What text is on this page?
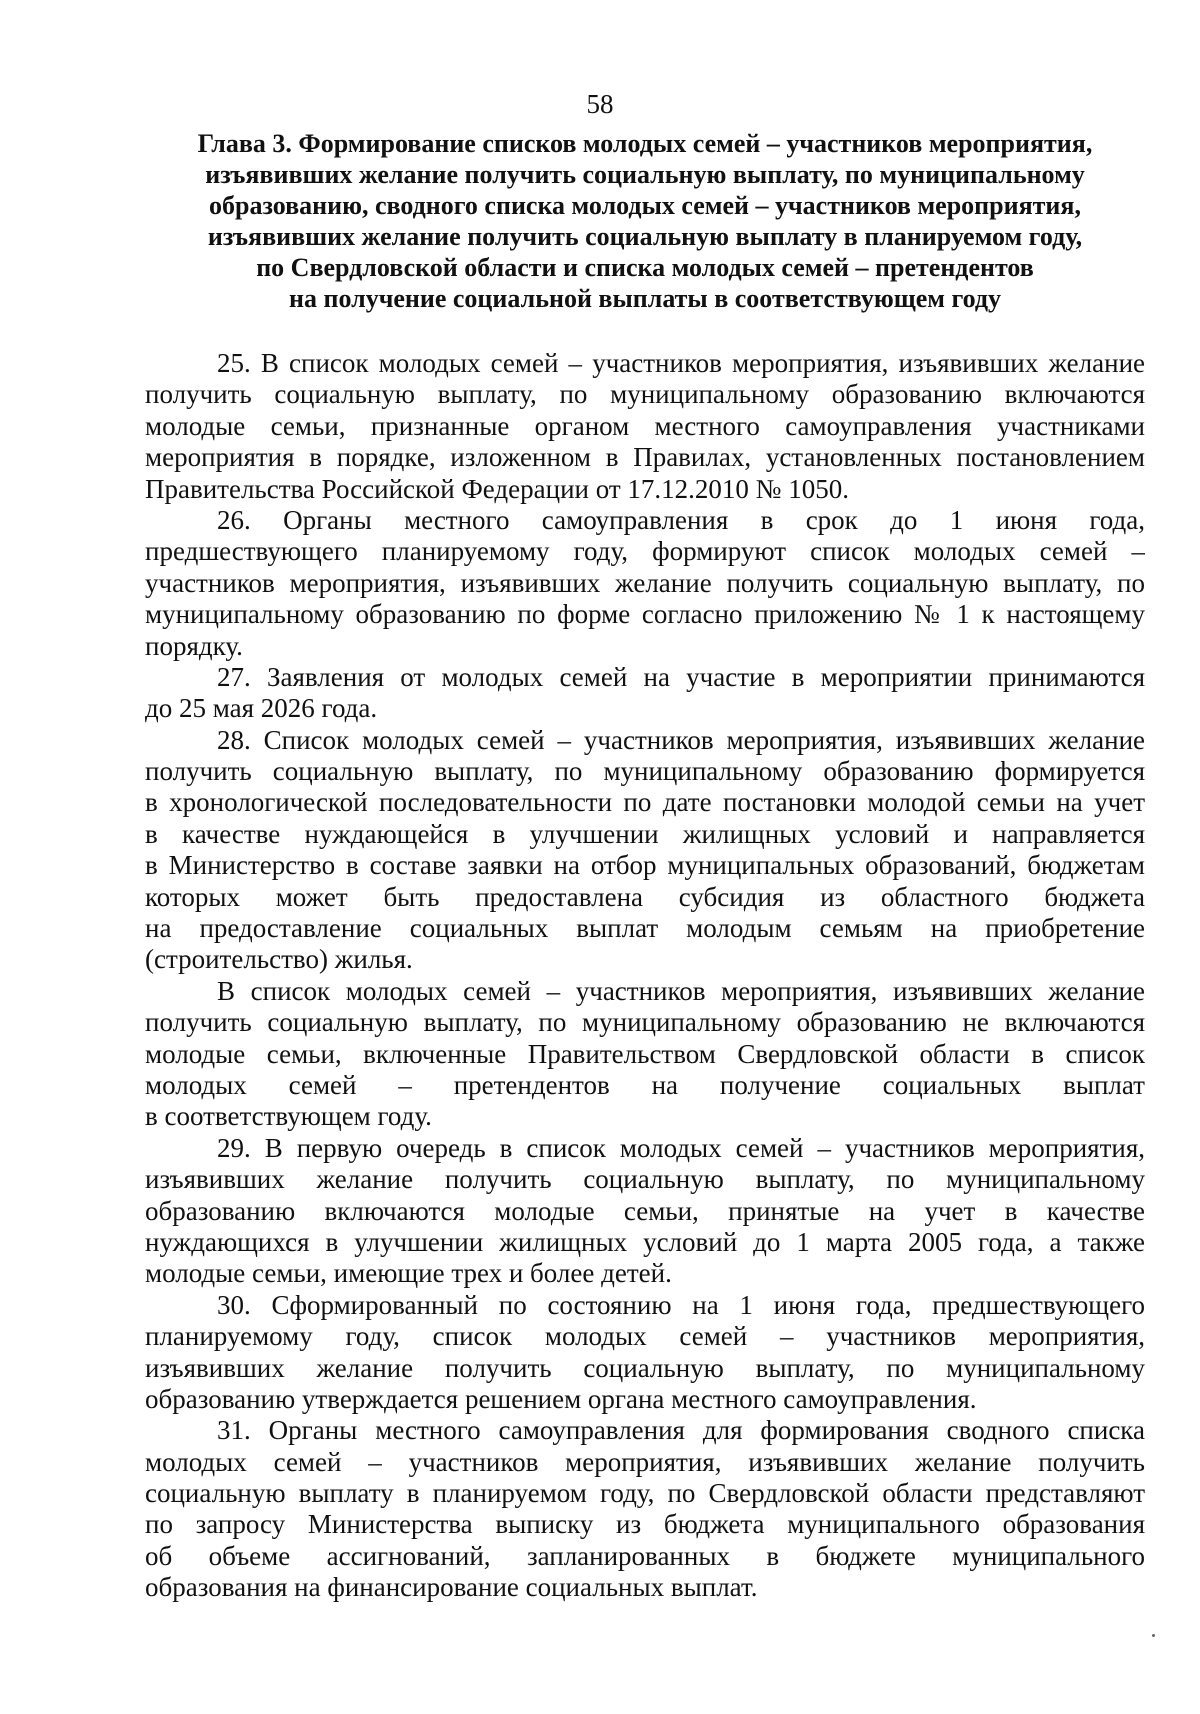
58
Глава 3. Формирование списков молодых семей – участников мероприятия,
изъявивших желание получить социальную выплату, по муниципальному
образованию, сводного списка молодых семей – участников мероприятия,
изъявивших желание получить социальную выплату в планируемом году,
по Свердловской области и списка молодых семей – претендентов
на получение социальной выплаты в соответствующем году
25. В список молодых семей – участников мероприятия, изъявивших желание
получить социальную выплату, по муниципальному образованию включаются
молодые семьи, признанные органом местного самоуправления участниками
мероприятия в порядке, изложенном в Правилах, установленных постановлением
Правительства Российской Федерации от 17.12.2010 № 1050.
26. Органы местного самоуправления в срок до 1 июня года,
предшествующего планируемому году, формируют список молодых семей –
участников мероприятия, изъявивших желание получить социальную выплату, по
муниципальному образованию по форме согласно приложению № 1 к настоящему
порядку.
27. Заявления от молодых семей на участие в мероприятии принимаются
до 25 мая 2026 года.
28. Список молодых семей – участников мероприятия, изъявивших желание
получить социальную выплату, по муниципальному образованию формируется
в хронологической последовательности по дате постановки молодой семьи на учет
в качестве нуждающейся в улучшении жилищных условий и направляется
в Министерство в составе заявки на отбор муниципальных образований, бюджетам
которых может быть предоставлена субсидия из областного бюджета
на предоставление социальных выплат молодым семьям на приобретение
(строительство) жилья.
В список молодых семей – участников мероприятия, изъявивших желание
получить социальную выплату, по муниципальному образованию не включаются
молодые семьи, включенные Правительством Свердловской области в список
молодых семей – претендентов на получение социальных выплат
в соответствующем году.
29. В первую очередь в список молодых семей – участников мероприятия,
изъявивших желание получить социальную выплату, по муниципальному
образованию включаются молодые семьи, принятые на учет в качестве
нуждающихся в улучшении жилищных условий до 1 марта 2005 года, а также
молодые семьи, имеющие трех и более детей.
30. Сформированный по состоянию на 1 июня года, предшествующего
планируемому году, список молодых семей – участников мероприятия,
изъявивших желание получить социальную выплату, по муниципальному
образованию утверждается решением органа местного самоуправления.
31. Органы местного самоуправления для формирования сводного списка
молодых семей – участников мероприятия, изъявивших желание получить
социальную выплату в планируемом году, по Свердловской области представляют
по запросу Министерства выписку из бюджета муниципального образования
об объеме ассигнований, запланированных в бюджете муниципального
образования на финансирование социальных выплат.
